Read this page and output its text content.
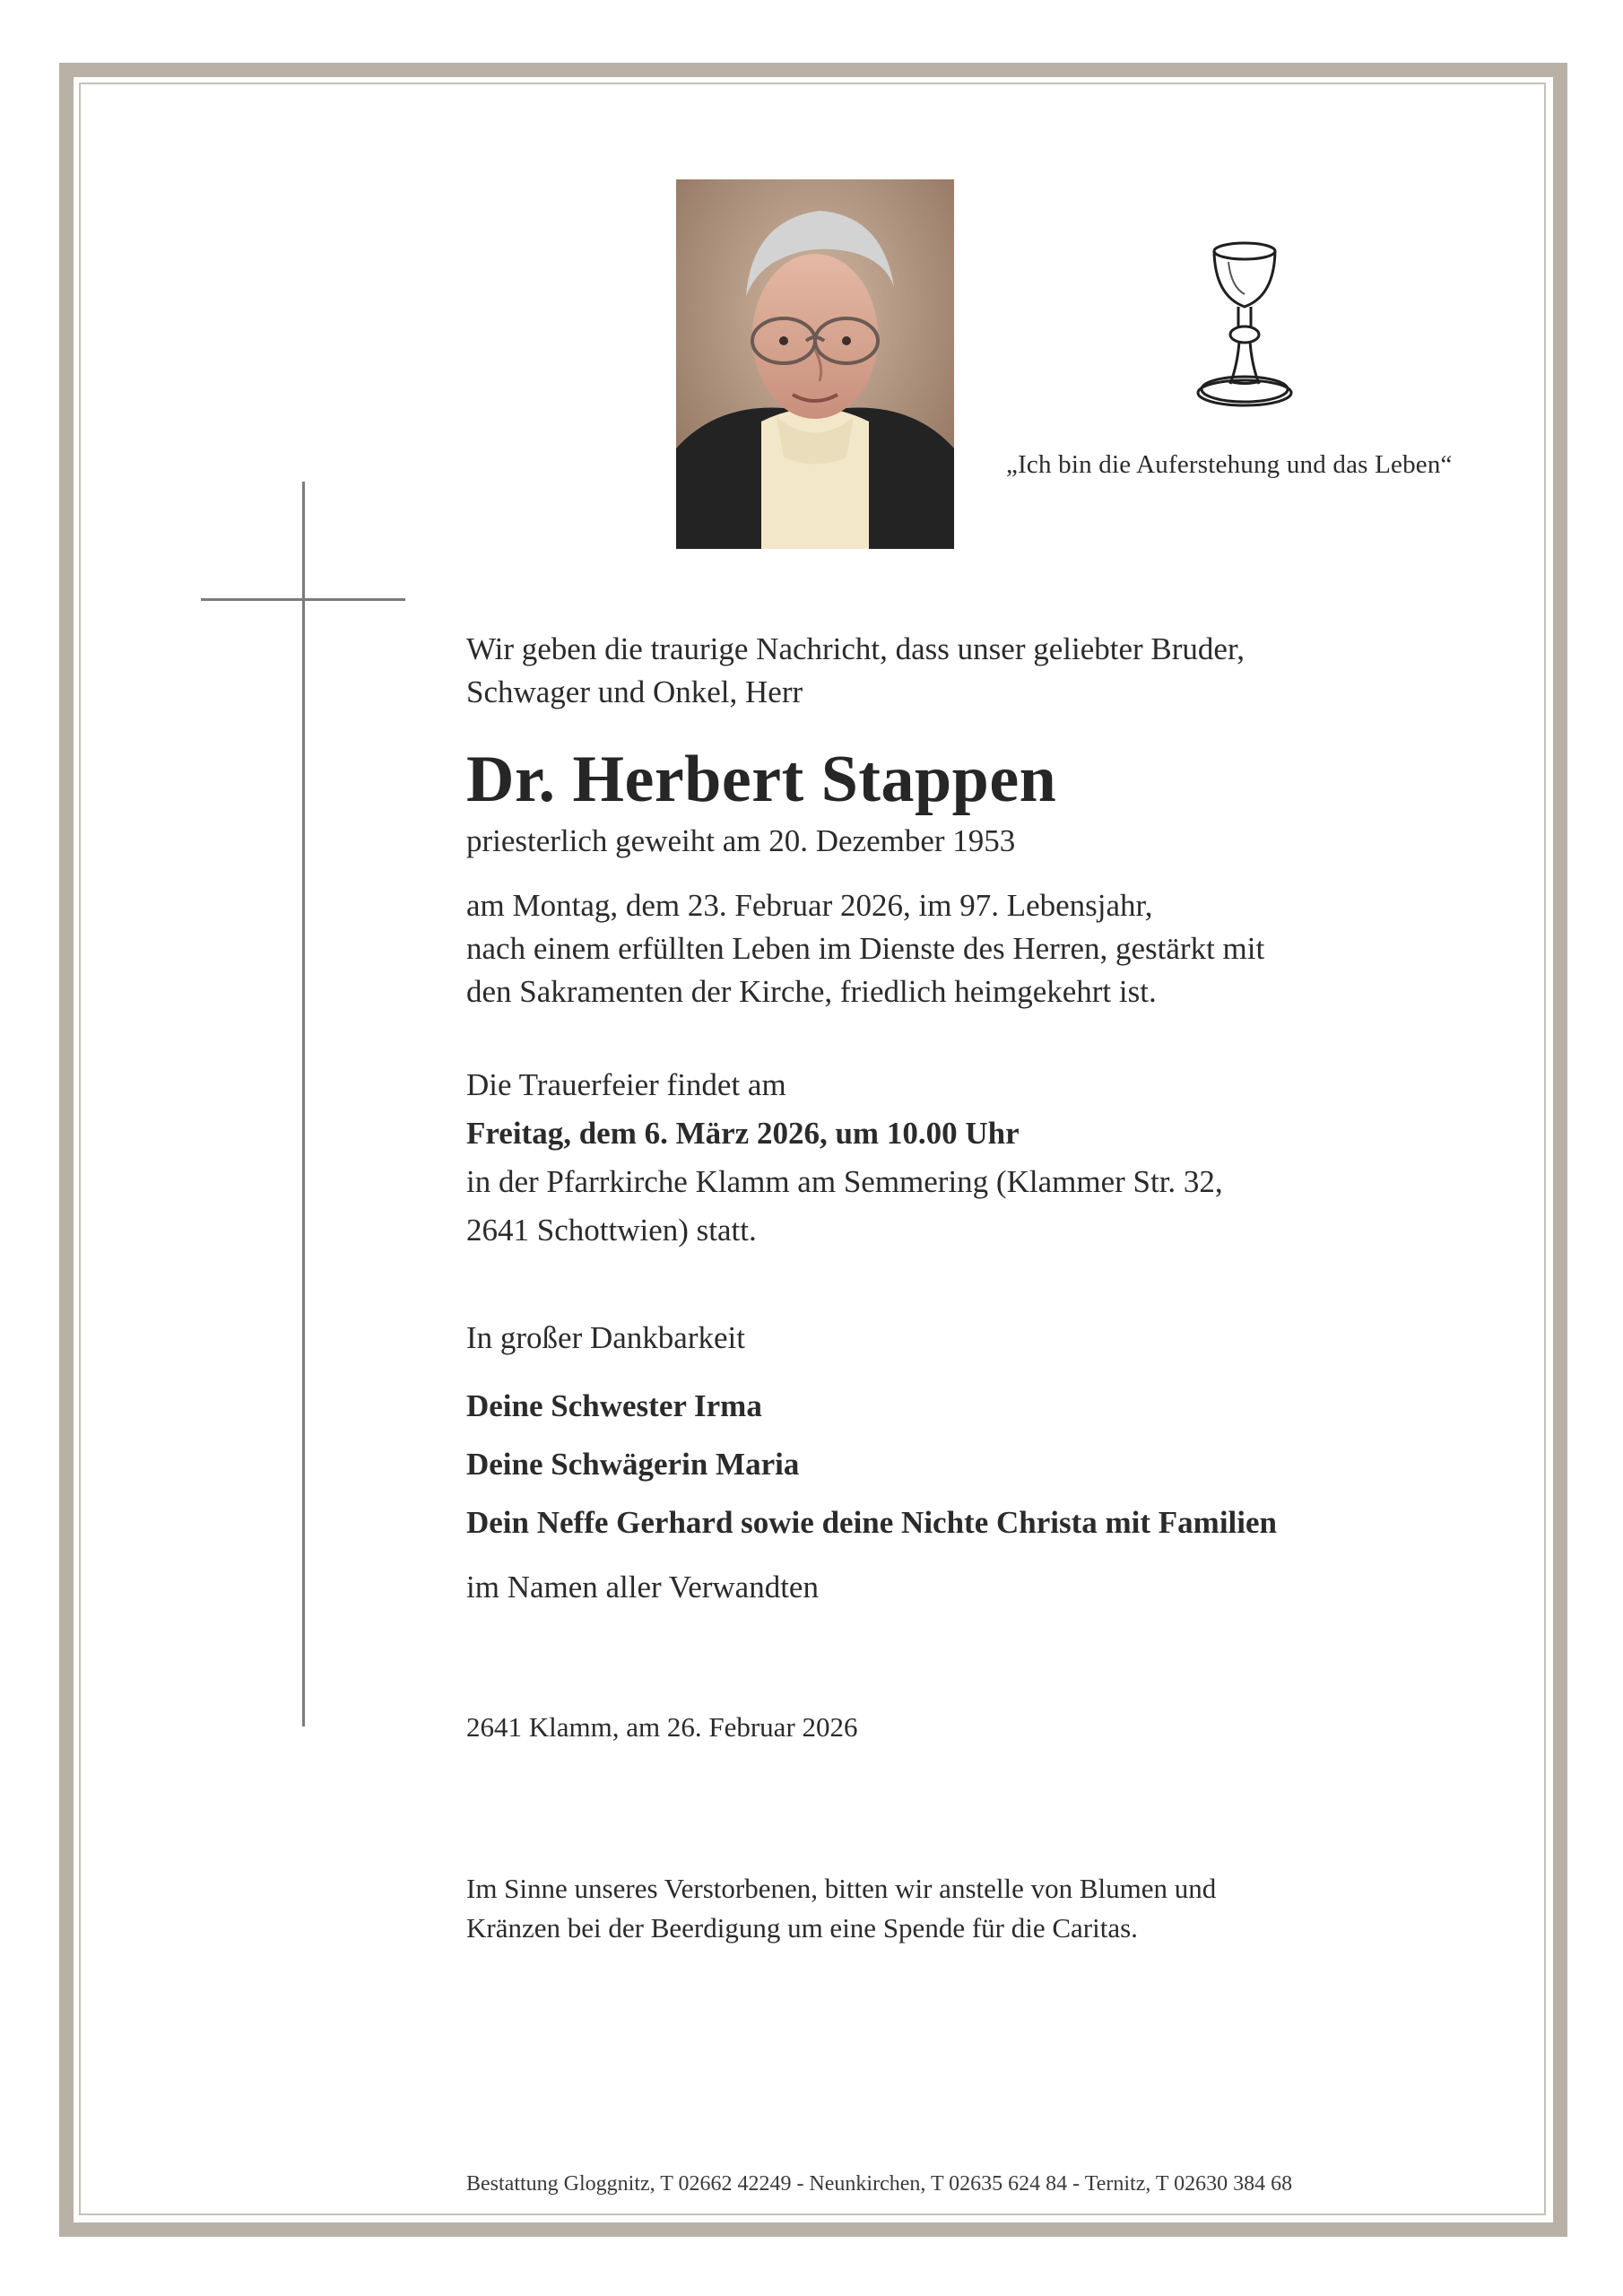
„Ich bin die Auferstehung und das Leben“

Wir geben die traurige Nachricht, dass unser geliebter Bruder,
Schwager und Onkel, Herr

Dr. Herbert Stappen

priesterlich geweiht am 20. Dezember 1953

am Montag, dem 23. Februar 2026, im 97. Lebensjahr,
nach einem erfüllten Leben im Dienste des Herren, gestärkt mit
den Sakramenten der Kirche, friedlich heimgekehrt ist.

Die Trauerfeier findet am

Freitag, dem 6. März 2026, um 10.00 Uhr

in der Pfarrkirche Klamm am Semmering (Klammer Str. 32,

2641 Schottwien) statt.

In großer Dankbarkeit

Deine Schwester Irma

Deine Schwägerin Maria

Dein Neffe Gerhard sowie deine Nichte Christa mit Familien

im Namen aller Verwandten

2641 Klamm, am 26. Februar 2026

Im Sinne unseres Verstorbenen, bitten wir anstelle von Blumen und
Kränzen bei der Beerdigung um eine Spende für die Caritas.

Bestattung Gloggnitz, T 02662 42249 - Neunkirchen, T 02635 624 84 - Ternitz, T 02630 384 68
